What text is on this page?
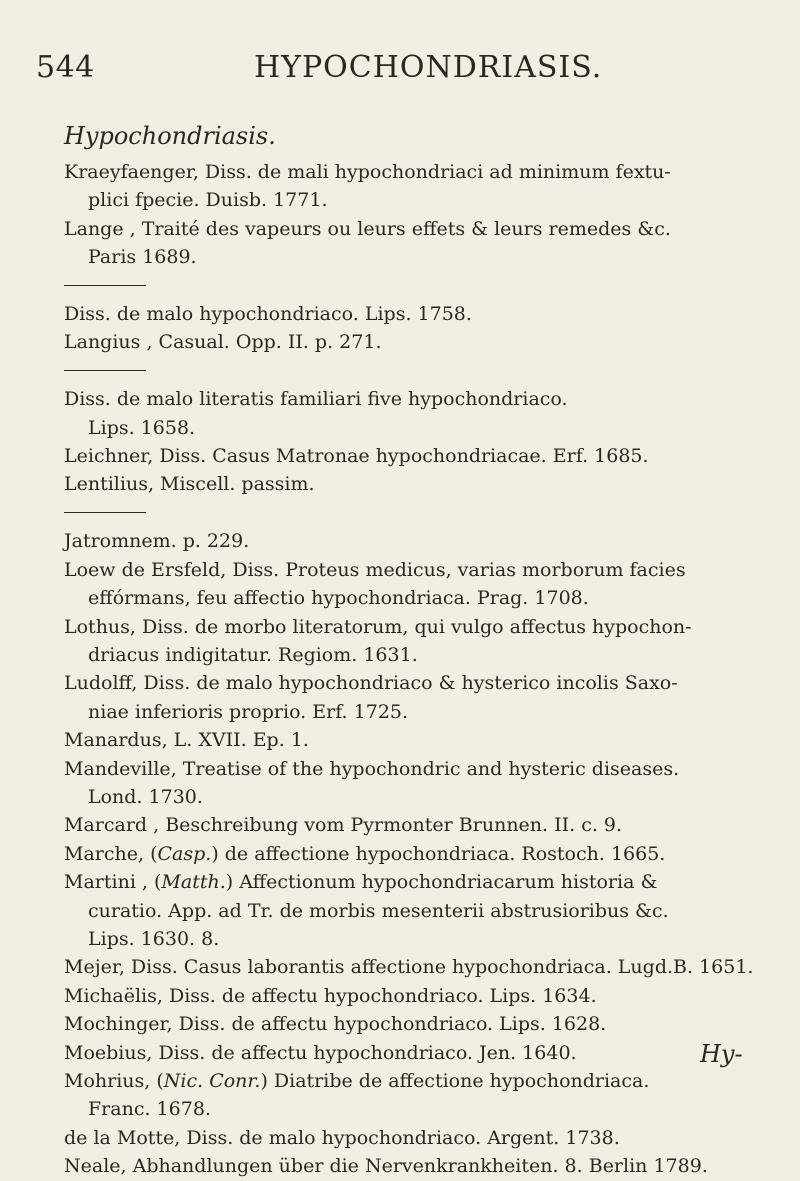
544	HYPOCHONDRIASIS.
Hypochondriasis.
Kraeyfaenger, Diss. de mali hypochondriaci ad minimum fextu-
plici fpecie. Duisb. 1771.
Lange , Traité des vapeurs ou leurs effets & leurs remedes &c.
Paris 1689.
Diss. de malo hypochondriaco. Lips. 1758.
Langius , Casual. Opp. II. p. 271.
Diss. de malo literatis familiari five hypochondriaco.
Lips. 1658.
Leichner, Diss. Casus Matronae hypochondriacae. Erf. 1685.
Lentilius, Miscell. passim.
Jatromnem. p. 229.
Loew de Ersfeld, Diss. Proteus medicus, varias morborum facies
effórmans, feu affectio hypochondriaca. Prag. 1708.
Lothus, Diss. de morbo literatorum, qui vulgo affectus hypochon-
driacus indigitatur. Regiom. 1631.
Ludolff, Diss. de malo hypochondriaco & hysterico incolis Saxo-
niae inferioris proprio. Erf. 1725.
Manardus, L. XVII. Ep. 1.
Mandeville, Treatise of the hypochondric and hysteric diseases.
Lond. 1730.
Marcard , Beschreibung vom Pyrmonter Brunnen. II. c. 9.
Marche, (Casp.) de affectione hypochondriaca. Rostoch. 1665.
Martini , (Matth.) Affectionum hypochondriacarum historia &
curatio. App. ad Tr. de morbis mesenterii abstrusioribus &c.
Lips. 1630. 8.
Mejer, Diss. Casus laborantis affectione hypochondriaca. Lugd.B. 1651.
Michaëlis, Diss. de affectu hypochondriaco. Lips. 1634.
Mochinger, Diss. de affectu hypochondriaco. Lips. 1628.
Moebius, Diss. de affectu hypochondriaco. Jen. 1640.
Mohrius, (Nic. Conr.) Diatribe de affectione hypochondriaca.
Franc. 1678.
de la Motte, Diss. de malo hypochondriaco. Argent. 1738.
Neale, Abhandlungen über die Nervenkrankheiten. 8. Berlin 1789.
Hy-
